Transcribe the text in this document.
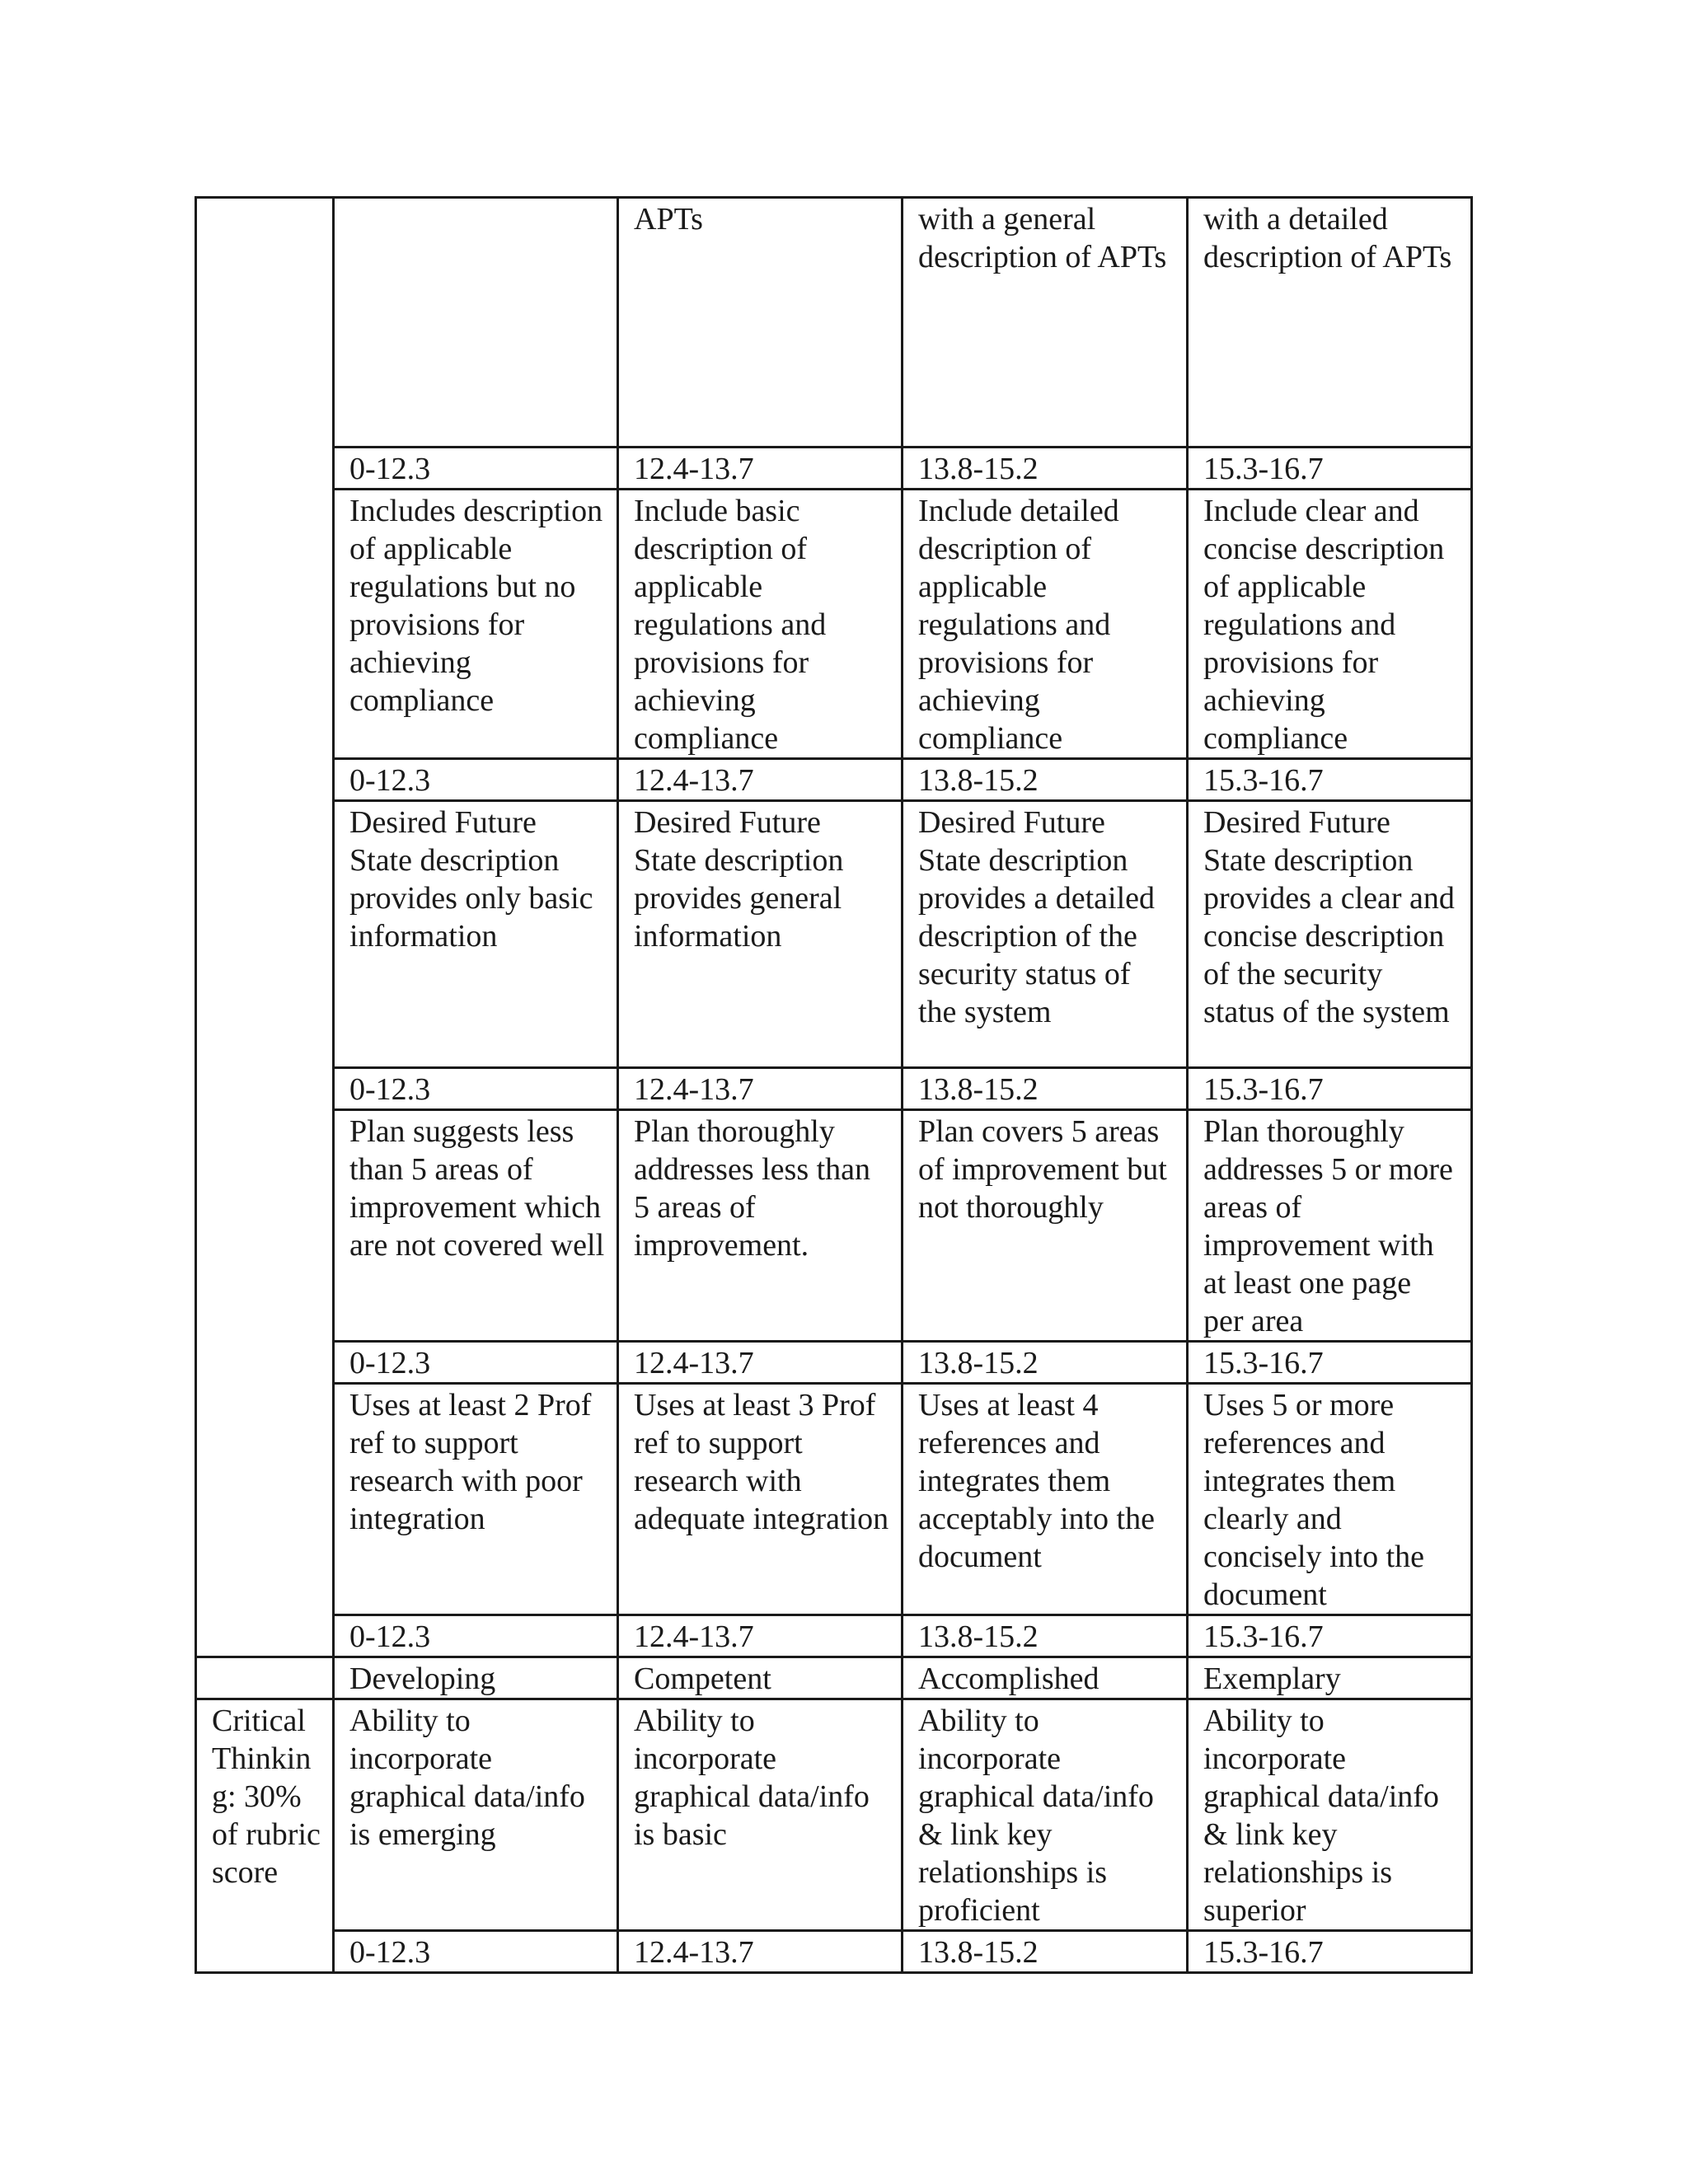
		APTs	with a general description of APTs	with a detailed description of APTs
	0-12.3	12.4-13.7	13.8-15.2	15.3-16.7
	Includes description of applicable regulations but no provisions for achieving compliance	Include basic description of applicable regulations and provisions for achieving compliance	Include detailed description of applicable regulations and provisions for achieving compliance	Include clear and concise description of applicable regulations and provisions for achieving compliance
	0-12.3	12.4-13.7	13.8-15.2	15.3-16.7
	Desired Future State description provides only basic information	Desired Future State description provides general information	Desired Future State description provides a detailed description of the security status of the system	Desired Future State description provides a clear and concise description of the security status of the system
	0-12.3	12.4-13.7	13.8-15.2	15.3-16.7
	Plan suggests less than 5 areas of improvement which are not covered well	Plan thoroughly addresses less than 5 areas of improvement.	Plan covers 5 areas of improvement but not thoroughly	Plan thoroughly addresses 5 or more areas of improvement with at least one page per area
	0-12.3	12.4-13.7	13.8-15.2	15.3-16.7
	Uses at least 2 Prof ref to support research with poor integration	Uses at least 3 Prof ref to support research with adequate integration	Uses at least 4 references and integrates them acceptably into the document	Uses 5 or more references and integrates them clearly and concisely into the document
	0-12.3	12.4-13.7	13.8-15.2	15.3-16.7
	Developing	Competent	Accomplished	Exemplary
Critical Thinkin g: 30% of rubric score	Ability to incorporate graphical data/info is emerging	Ability to incorporate graphical data/info is basic	Ability to incorporate graphical data/info & link key relationships is proficient	Ability to incorporate graphical data/info & link key relationships is superior
	0-12.3	12.4-13.7	13.8-15.2	15.3-16.7
